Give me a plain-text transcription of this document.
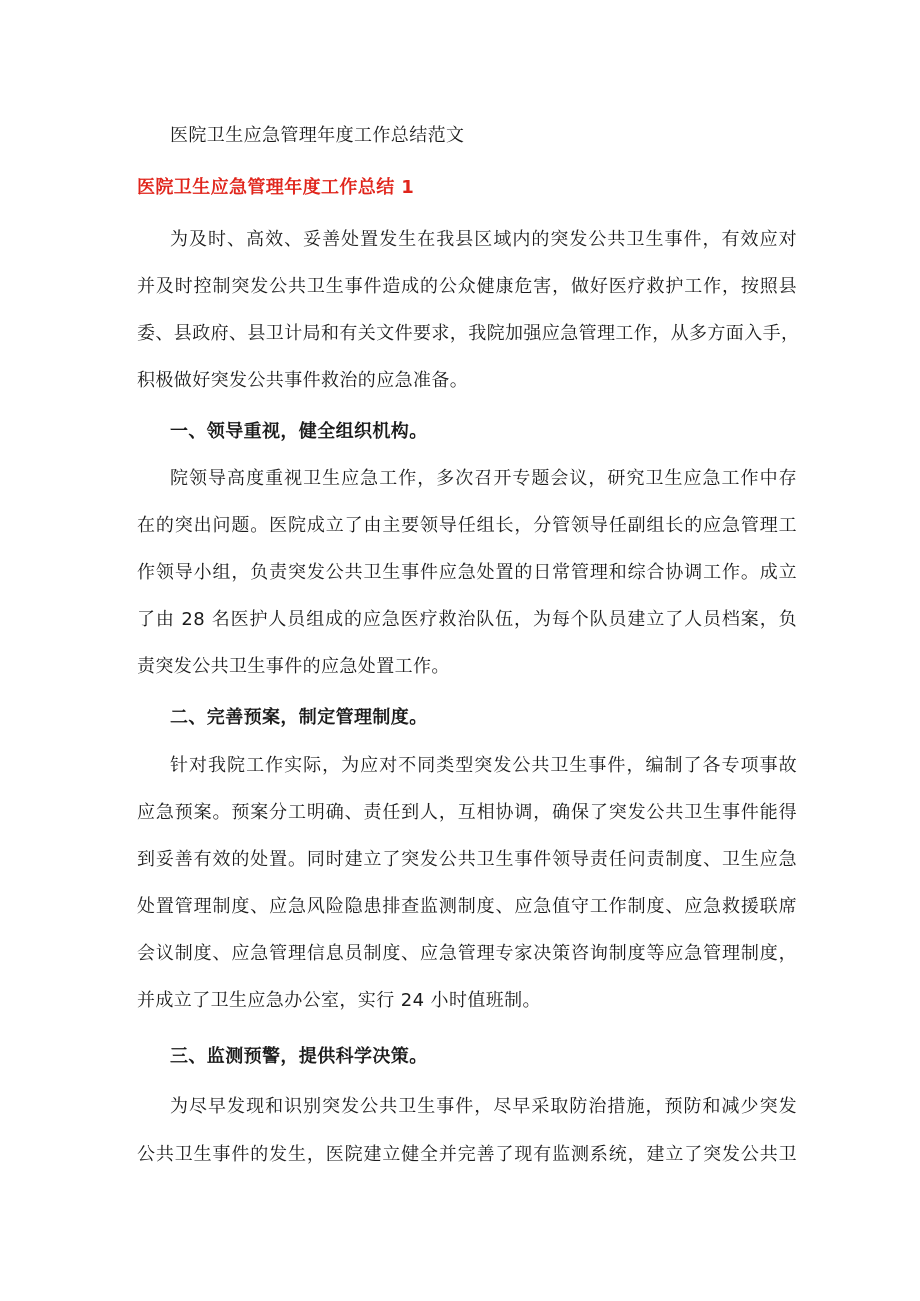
医院卫生应急管理年度工作总结范文
医院卫生应急管理年度工作总结 1
为及时、高效、妥善处置发生在我县区域内的突发公共卫生事件，有效应对
并及时控制突发公共卫生事件造成的公众健康危害，做好医疗救护工作，按照县
委、县政府、县卫计局和有关文件要求，我院加强应急管理工作，从多方面入手，
积极做好突发公共事件救治的应急准备。
一、领导重视，健全组织机构。
院领导高度重视卫生应急工作，多次召开专题会议，研究卫生应急工作中存
在的突出问题。医院成立了由主要领导任组长，分管领导任副组长的应急管理工
作领导小组，负责突发公共卫生事件应急处置的日常管理和综合协调工作。成立
了由 28 名医护人员组成的应急医疗救治队伍，为每个队员建立了人员档案，负
责突发公共卫生事件的应急处置工作。
二、完善预案，制定管理制度。
针对我院工作实际，为应对不同类型突发公共卫生事件，编制了各专项事故
应急预案。预案分工明确、责任到人，互相协调，确保了突发公共卫生事件能得
到妥善有效的处置。同时建立了突发公共卫生事件领导责任问责制度、卫生应急
处置管理制度、应急风险隐患排查监测制度、应急值守工作制度、应急救援联席
会议制度、应急管理信息员制度、应急管理专家决策咨询制度等应急管理制度，
并成立了卫生应急办公室，实行 24 小时值班制。
三、监测预警，提供科学决策。
为尽早发现和识别突发公共卫生事件，尽早采取防治措施，预防和减少突发
公共卫生事件的发生，医院建立健全并完善了现有监测系统，建立了突发公共卫
